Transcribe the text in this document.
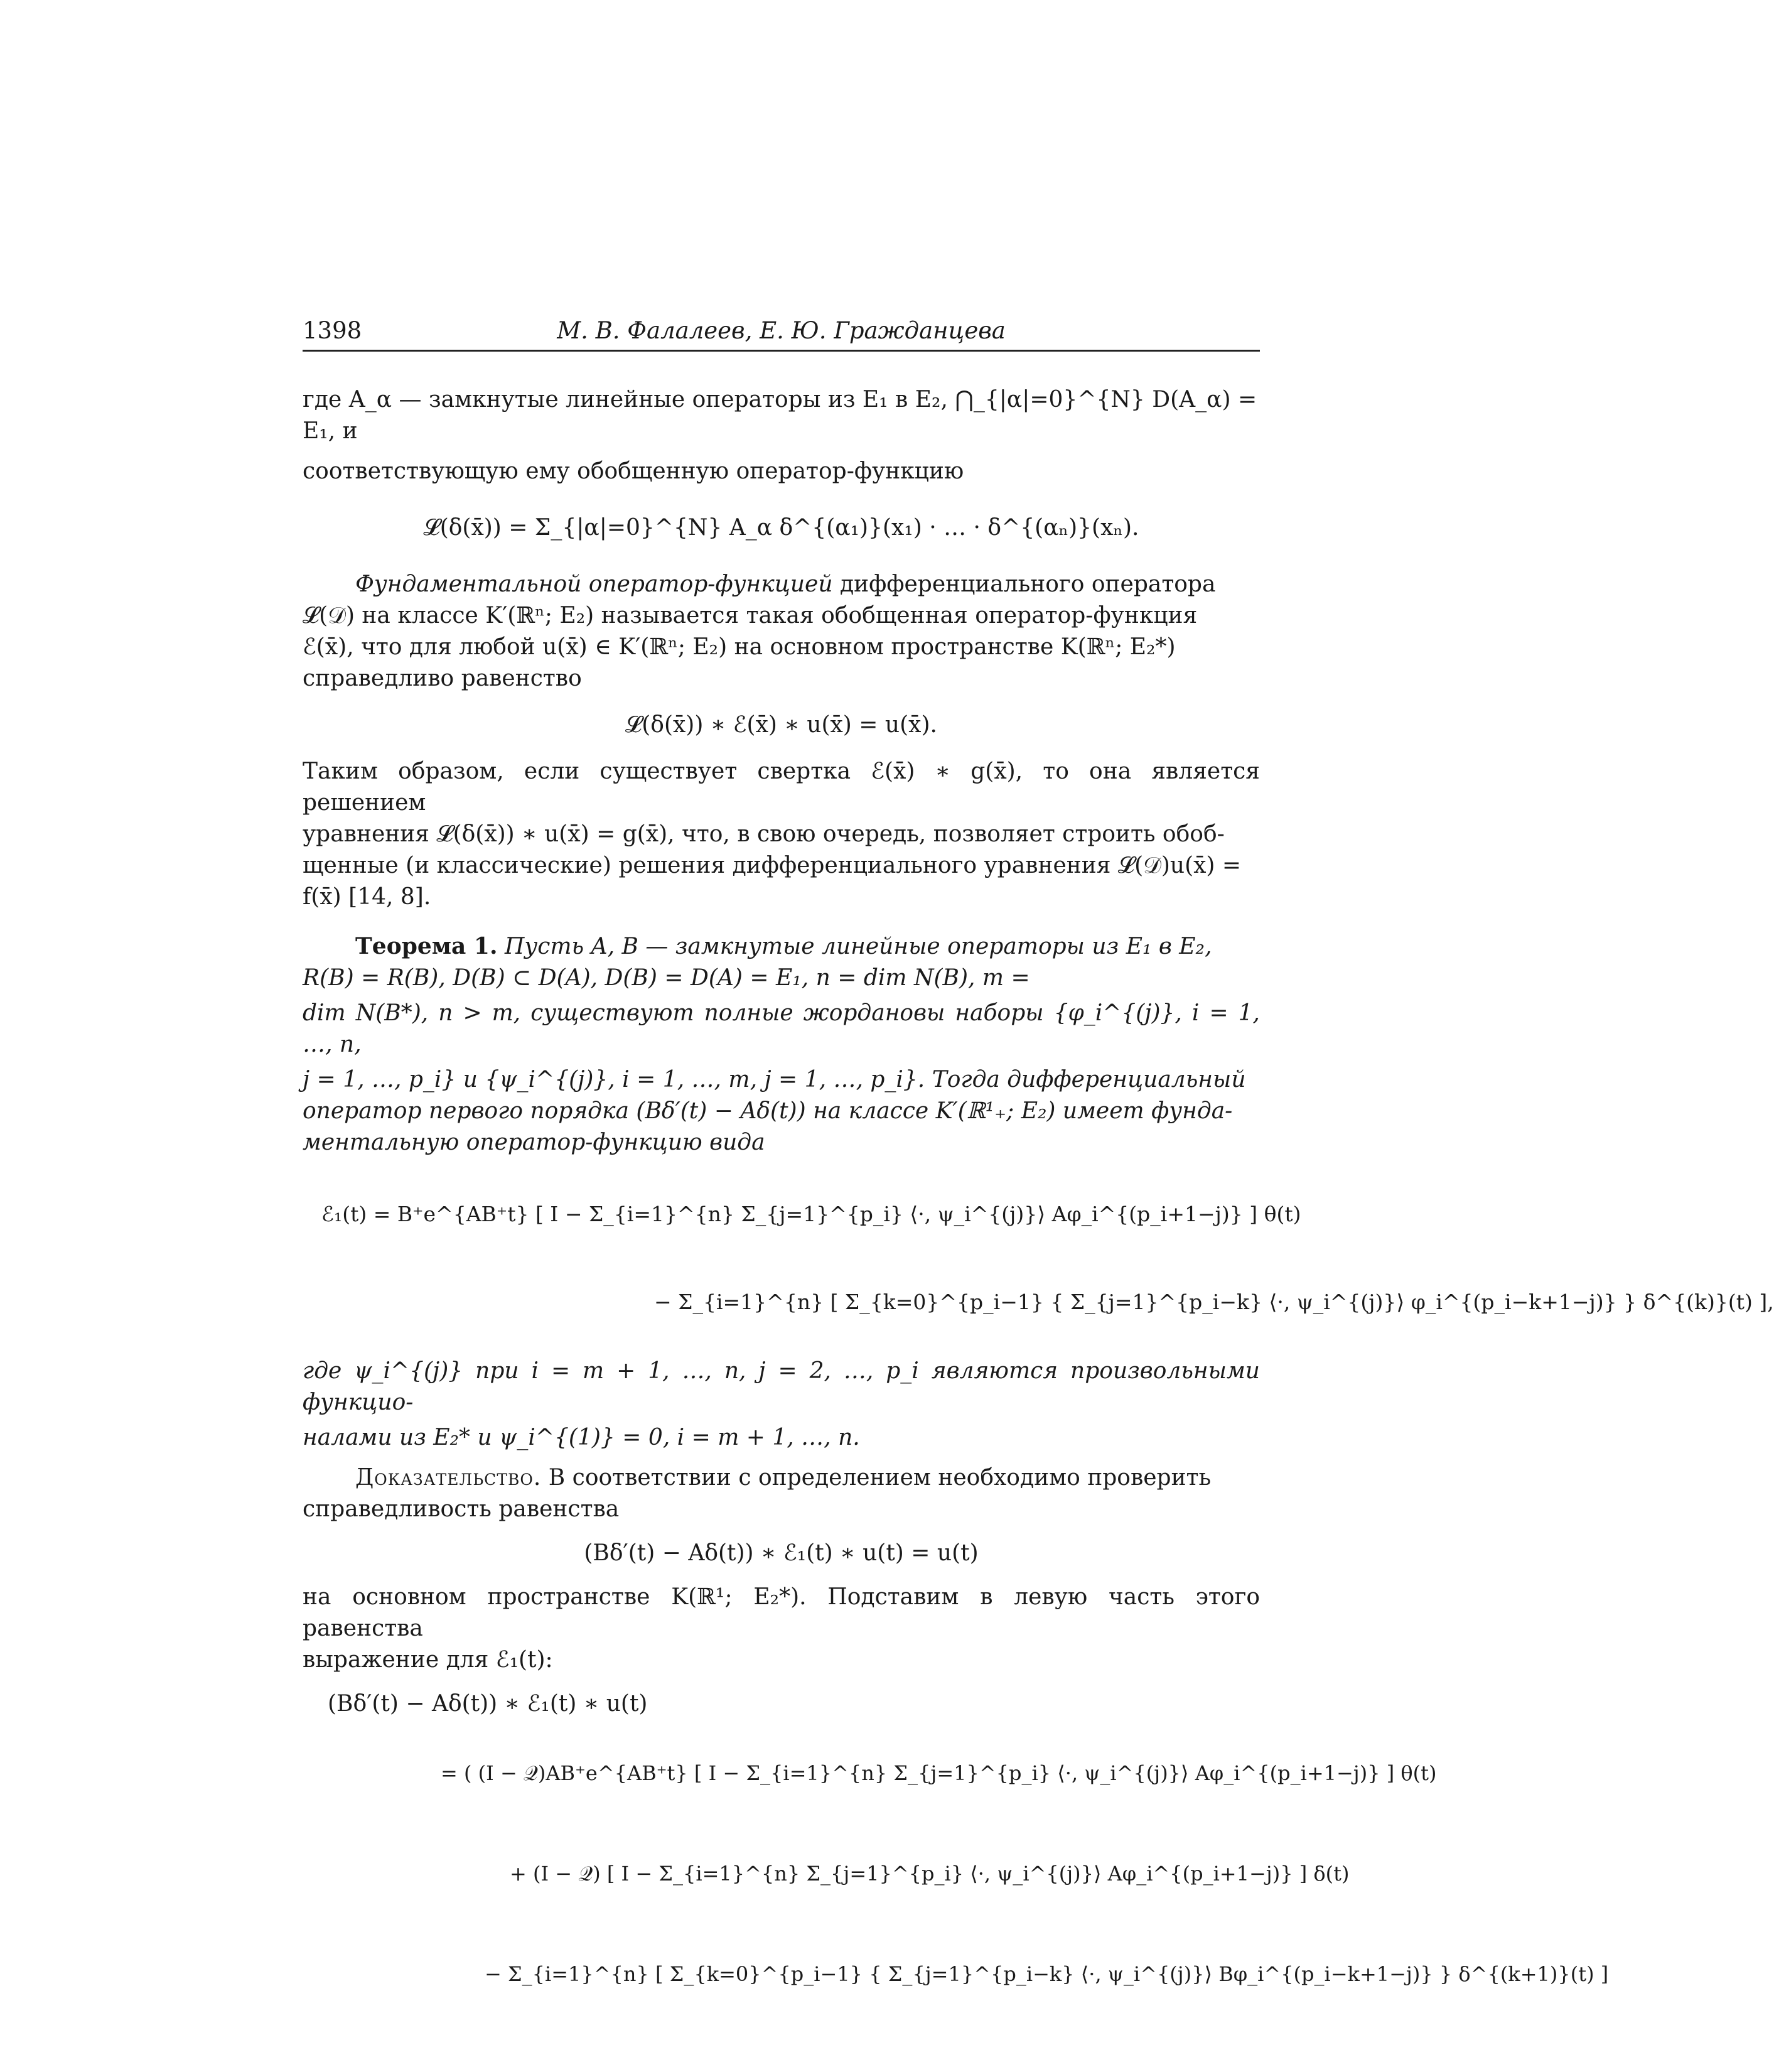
1398	М. В. Фалалеев, Е. Ю. Гражданцева

где A_α — замкнутые линейные операторы из E₁ в E₂, ⋂_{|α|=0}^{N} D(A_α) = E₁, и

соответствующую ему обобщенную оператор-функцию

𝓛(δ(x̄)) = Σ_{|α|=0}^{N} A_α δ^{(α₁)}(x₁) · … · δ^{(αₙ)}(xₙ).

Фундаментальной оператор-функцией дифференциального оператора

𝓛(𝒟) на классе K′(ℝⁿ; E₂) называется такая обобщенная оператор-функция

ℰ(x̄), что для любой u(x̄) ∈ K′(ℝⁿ; E₂) на основном пространстве K(ℝⁿ; E₂*)

справедливо равенство

𝓛(δ(x̄)) ∗ ℰ(x̄) ∗ u(x̄) = u(x̄).

Таким образом, если существует свертка ℰ(x̄) ∗ g(x̄), то она является решением

уравнения 𝓛(δ(x̄)) ∗ u(x̄) = g(x̄), что, в свою очередь, позволяет строить обоб-

щенные (и классические) решения дифференциального уравнения 𝓛(𝒟)u(x̄) =

f(x̄) [14, 8].

Теорема 1. Пусть A, B — замкнутые линейные операторы из E₁ в E₂,

R(B) = R(B), D(B) ⊂ D(A), D(B) = D(A) = E₁, n = dim N(B), m =

dim N(B*), n > m, существуют полные жордановы наборы {φ_i^{(j)}, i = 1, …, n,

j = 1, …, p_i} и {ψ_i^{(j)}, i = 1, …, m, j = 1, …, p_i}. Тогда дифференциальный

оператор первого порядка (Bδ′(t) − Aδ(t)) на классе K′(ℝ¹₊; E₂) имеет фунда-

ментальную оператор-функцию вида

ℰ₁(t) = B⁺e^{AB⁺t} [ I − Σ_{i=1}^{n} Σ_{j=1}^{p_i} ⟨·, ψ_i^{(j)}⟩ Aφ_i^{(p_i+1−j)} ] θ(t)
− Σ_{i=1}^{n} [ Σ_{k=0}^{p_i−1} { Σ_{j=1}^{p_i−k} ⟨·, ψ_i^{(j)}⟩ φ_i^{(p_i−k+1−j)} } δ^{(k)}(t) ],

где ψ_i^{(j)} при i = m + 1, …, n, j = 2, …, p_i являются произвольными функцио-

налами из E₂* и ψ_i^{(1)} = 0, i = m + 1, …, n.

Доказательство. В соответствии с определением необходимо проверить

справедливость равенства

(Bδ′(t) − Aδ(t)) ∗ ℰ₁(t) ∗ u(t) = u(t)

на основном пространстве K(ℝ¹; E₂*). Подставим в левую часть этого равенства

выражение для ℰ₁(t):

(Bδ′(t) − Aδ(t)) ∗ ℰ₁(t) ∗ u(t)
= ( (I − 𝒬)AB⁺e^{AB⁺t} [ I − Σ_{i=1}^{n} Σ_{j=1}^{p_i} ⟨·, ψ_i^{(j)}⟩ Aφ_i^{(p_i+1−j)} ] θ(t)
+ (I − 𝒬) [ I − Σ_{i=1}^{n} Σ_{j=1}^{p_i} ⟨·, ψ_i^{(j)}⟩ Aφ_i^{(p_i+1−j)} ] δ(t)
− Σ_{i=1}^{n} [ Σ_{k=0}^{p_i−1} { Σ_{j=1}^{p_i−k} ⟨·, ψ_i^{(j)}⟩ Bφ_i^{(p_i−k+1−j)} } δ^{(k+1)}(t) ]
